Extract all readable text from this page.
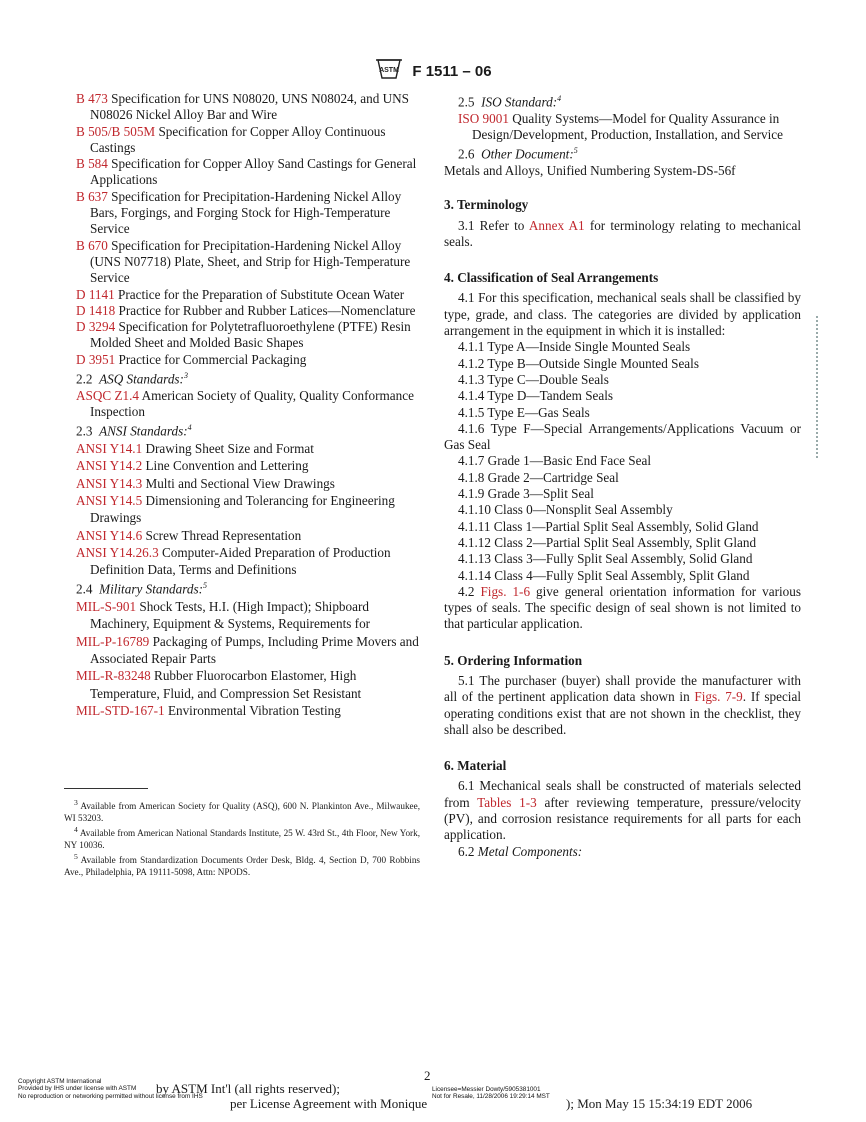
ASTM F 1511 – 06

B 473 Specification for UNS N08020, UNS N08024, and UNS N08026 Nickel Alloy Bar and Wire

B 505/B 505M Specification for Copper Alloy Continuous Castings

B 584 Specification for Copper Alloy Sand Castings for General Applications

B 637 Specification for Precipitation-Hardening Nickel Alloy Bars, Forgings, and Forging Stock for High-Temperature Service

B 670 Specification for Precipitation-Hardening Nickel Alloy (UNS N07718) Plate, Sheet, and Strip for High-Temperature Service

D 1141 Practice for the Preparation of Substitute Ocean Water

D 1418 Practice for Rubber and Rubber Latices—Nomenclature

D 3294 Specification for Polytetrafluoroethylene (PTFE) Resin Molded Sheet and Molded Basic Shapes

D 3951 Practice for Commercial Packaging

2.2 ASQ Standards:$^3$

ASQC Z1.4 American Society of Quality, Quality Conformance Inspection

2.3 ANSI Standards:$^4$

ANSI Y14.1 Drawing Sheet Size and Format

ANSI Y14.2 Line Convention and Lettering

ANSI Y14.3 Multi and Sectional View Drawings

ANSI Y14.5 Dimensioning and Tolerancing for Engineering Drawings

ANSI Y14.6 Screw Thread Representation

ANSI Y14.26.3 Computer-Aided Preparation of Production Definition Data, Terms and Definitions

2.4 Military Standards:$^5$

MIL-S-901 Shock Tests, H.I. (High Impact); Shipboard Machinery, Equipment & Systems, Requirements for

MIL-P-16789 Packaging of Pumps, Including Prime Movers and Associated Repair Parts

MIL-R-83248 Rubber Fluorocarbon Elastomer, High Temperature, Fluid, and Compression Set Resistant

MIL-STD-167-1 Environmental Vibration Testing

$^3$ Available from American Society for Quality (ASQ), 600 N. Plankinton Ave., Milwaukee, WI 53203.

$^4$ Available from American National Standards Institute, 25 W. 43rd St., 4th Floor, New York, NY 10036.

$^5$ Available from Standardization Documents Order Desk, Bldg. 4, Section D, 700 Robbins Ave., Philadelphia, PA 19111-5098, Attn: NPODS.

2.5 ISO Standard:$^4$

ISO 9001 Quality Systems—Model for Quality Assurance in Design/Development, Production, Installation, and Service

2.6 Other Document:$^5$

Metals and Alloys, Unified Numbering System-DS-56f

3. Terminology

3.1 Refer to Annex A1 for terminology relating to mechanical seals.

4. Classification of Seal Arrangements

4.1 For this specification, mechanical seals shall be classified by type, grade, and class. The categories are divided by application arrangement in the equipment in which it is installed:

4.1.1 Type A—Inside Single Mounted Seals

4.1.2 Type B—Outside Single Mounted Seals

4.1.3 Type C—Double Seals

4.1.4 Type D—Tandem Seals

4.1.5 Type E—Gas Seals

4.1.6 Type F—Special Arrangements/Applications Vacuum or Gas Seal

4.1.7 Grade 1—Basic End Face Seal

4.1.8 Grade 2—Cartridge Seal

4.1.9 Grade 3—Split Seal

4.1.10 Class 0—Nonsplit Seal Assembly

4.1.11 Class 1—Partial Split Seal Assembly, Solid Gland

4.1.12 Class 2—Partial Split Seal Assembly, Split Gland

4.1.13 Class 3—Fully Split Seal Assembly, Solid Gland

4.1.14 Class 4—Fully Split Seal Assembly, Split Gland

4.2 Figs. 1-6 give general orientation information for various types of seals. The specific design of seal shown is not limited to that particular application.

5. Ordering Information

5.1 The purchaser (buyer) shall provide the manufacturer with all of the pertinent application data shown in Figs. 7-9. If special operating conditions exist that are not shown in the checklist, they shall also be described.

6. Material

6.1 Mechanical seals shall be constructed of materials selected from Tables 1-3 after reviewing temperature, pressure/velocity (PV), and corrosion resistance requirements for all parts for each application.

6.2 Metal Components:

2
Copyright ASTM International
Provided by IHS under license with ASTM
No reproduction or networking permitted without license from IHS
by ASTM Int'l (all rights reserved);
per License Agreement with Monique
Licensee=Messier Dowty/5905381001
Not for Resale, 11/28/2006 19:29:14 MST ); Mon May 15 15:34:19 EDT 2006
